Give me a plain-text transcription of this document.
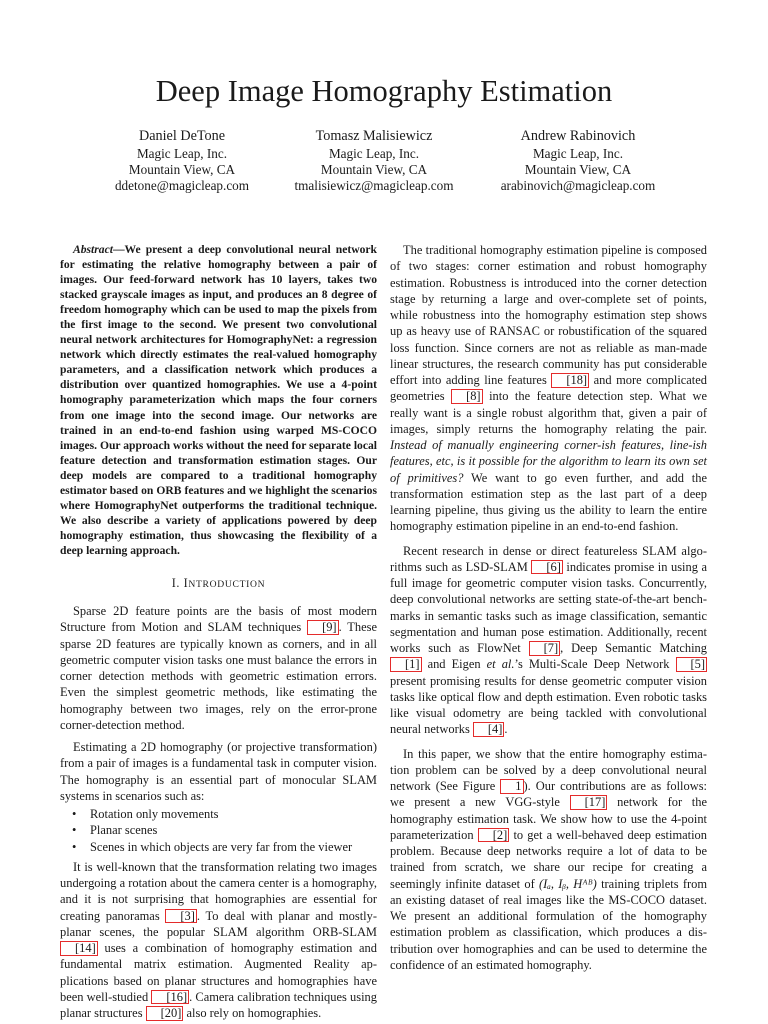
Deep Image Homography Estimation
Daniel DeTone
Magic Leap, Inc.
Mountain View, CA
ddetone@magicleap.com
Tomasz Malisiewicz
Magic Leap, Inc.
Mountain View, CA
tmalisiewicz@magicleap.com
Andrew Rabinovich
Magic Leap, Inc.
Mountain View, CA
arabinovich@magicleap.com

Abstract—We present a deep convolutional neural network for estimating the relative homography between a pair of images. Our feed-forward network has 10 layers, takes two stacked grayscale images as input, and produces an 8 degree of freedom homography which can be used to map the pixels from the first image to the second. We present two convolutional neural network architectures for HomographyNet: a regression network which directly estimates the real-valued homography parameters, and a classification network which produces a distribution over quantized homographies. We use a 4-point homography parameterization which maps the four corners from one image into the second image. Our networks are trained in an end-to-end fashion using warped MS-COCO images. Our approach works without the need for separate local feature detection and transformation estimation stages. Our deep models are compared to a traditional homography estimator based on ORB features and we highlight the scenarios where HomographyNet outperforms the traditional technique. We also describe a variety of applications powered by deep homography estimation, thus showcasing the flexibility of a deep learning approach.

I. INTRODUCTION

Sparse 2D feature points are the basis of most modern Structure from Motion and SLAM techniques [9] . These sparse 2D features are typically known as corners, and in all geometric computer vision tasks one must balance the errors in corner detection methods with geometric estimation errors. Even the simplest geometric methods, like estimating the homography between two images, rely on the error-prone corner-detection method.

Estimating a 2D homography (or projective transformation) from a pair of images is a fundamental task in computer vision. The homography is an essential part of monocular SLAM systems in scenarios such as:

• Rotation only movements
• Planar scenes
• Scenes in which objects are very far from the viewer

It is well-known that the transformation relating two images undergoing a rotation about the camera center is a homography, and it is not surprising that homographies are essential for creating panoramas [3] . To deal with planar and mostly-planar scenes, the popular SLAM algorithm ORB-SLAM [14] uses a combination of homography estimation and fundamental matrix estimation. Augmented Reality applications based on planar structures and homographies have been well-studied [16] . Camera calibration techniques using planar structures [20] also rely on homographies.

The traditional homography estimation pipeline is composed of two stages: corner estimation and robust homography estimation. Robustness is introduced into the corner detection stage by returning a large and over-complete set of points, while robustness into the homography estimation step shows up as heavy use of RANSAC or robustification of the squared loss function. Since corners are not as reliable as man-made linear structures, the research community has put considerable effort into adding line features [18] and more complicated geometries [8] into the feature detection step. What we really want is a single robust algorithm that, given a pair of images, simply returns the homography relating the pair. Instead of manually engineering corner-ish features, line-ish features, etc, is it possible for the algorithm to learn its own set of primitives? We want to go even further, and add the transformation estimation step as the last part of a deep learning pipeline, thus giving us the ability to learn the entire homography estimation pipeline in an end-to-end fashion.

Recent research in dense or direct featureless SLAM algorithms such as LSD-SLAM [6] indicates promise in using a full image for geometric computer vision tasks. Concurrently, deep convolutional networks are setting state-of-the-art benchmarks in semantic tasks such as image classification, semantic segmentation and human pose estimation. Additionally, recent works such as FlowNet [7] , Deep Semantic Matching [1] and Eigen et al.’s Multi-Scale Deep Network [5] present promising results for dense geometric computer vision tasks like optical flow and depth estimation. Even robotic tasks like visual odometry are being tackled with convolutional neural networks [4] .

In this paper, we show that the entire homography estimation problem can be solved by a deep convolutional neural network (See Figure 1 ). Our contributions are as follows: we present a new VGG-style [17] network for the homography estimation task. We show how to use the 4-point parameterization [2] to get a well-behaved deep estimation problem. Because deep networks require a lot of data to be trained from scratch, we share our recipe for creating a seemingly infinite dataset of (Iₐ, Iᵦ, Hᴬᴮ) training triplets from an existing dataset of real images like the MS-COCO dataset. We present an additional formulation of the homography estimation problem as classification, which produces a distribution over homographies and can be used to determine the confidence of an estimated homography.
